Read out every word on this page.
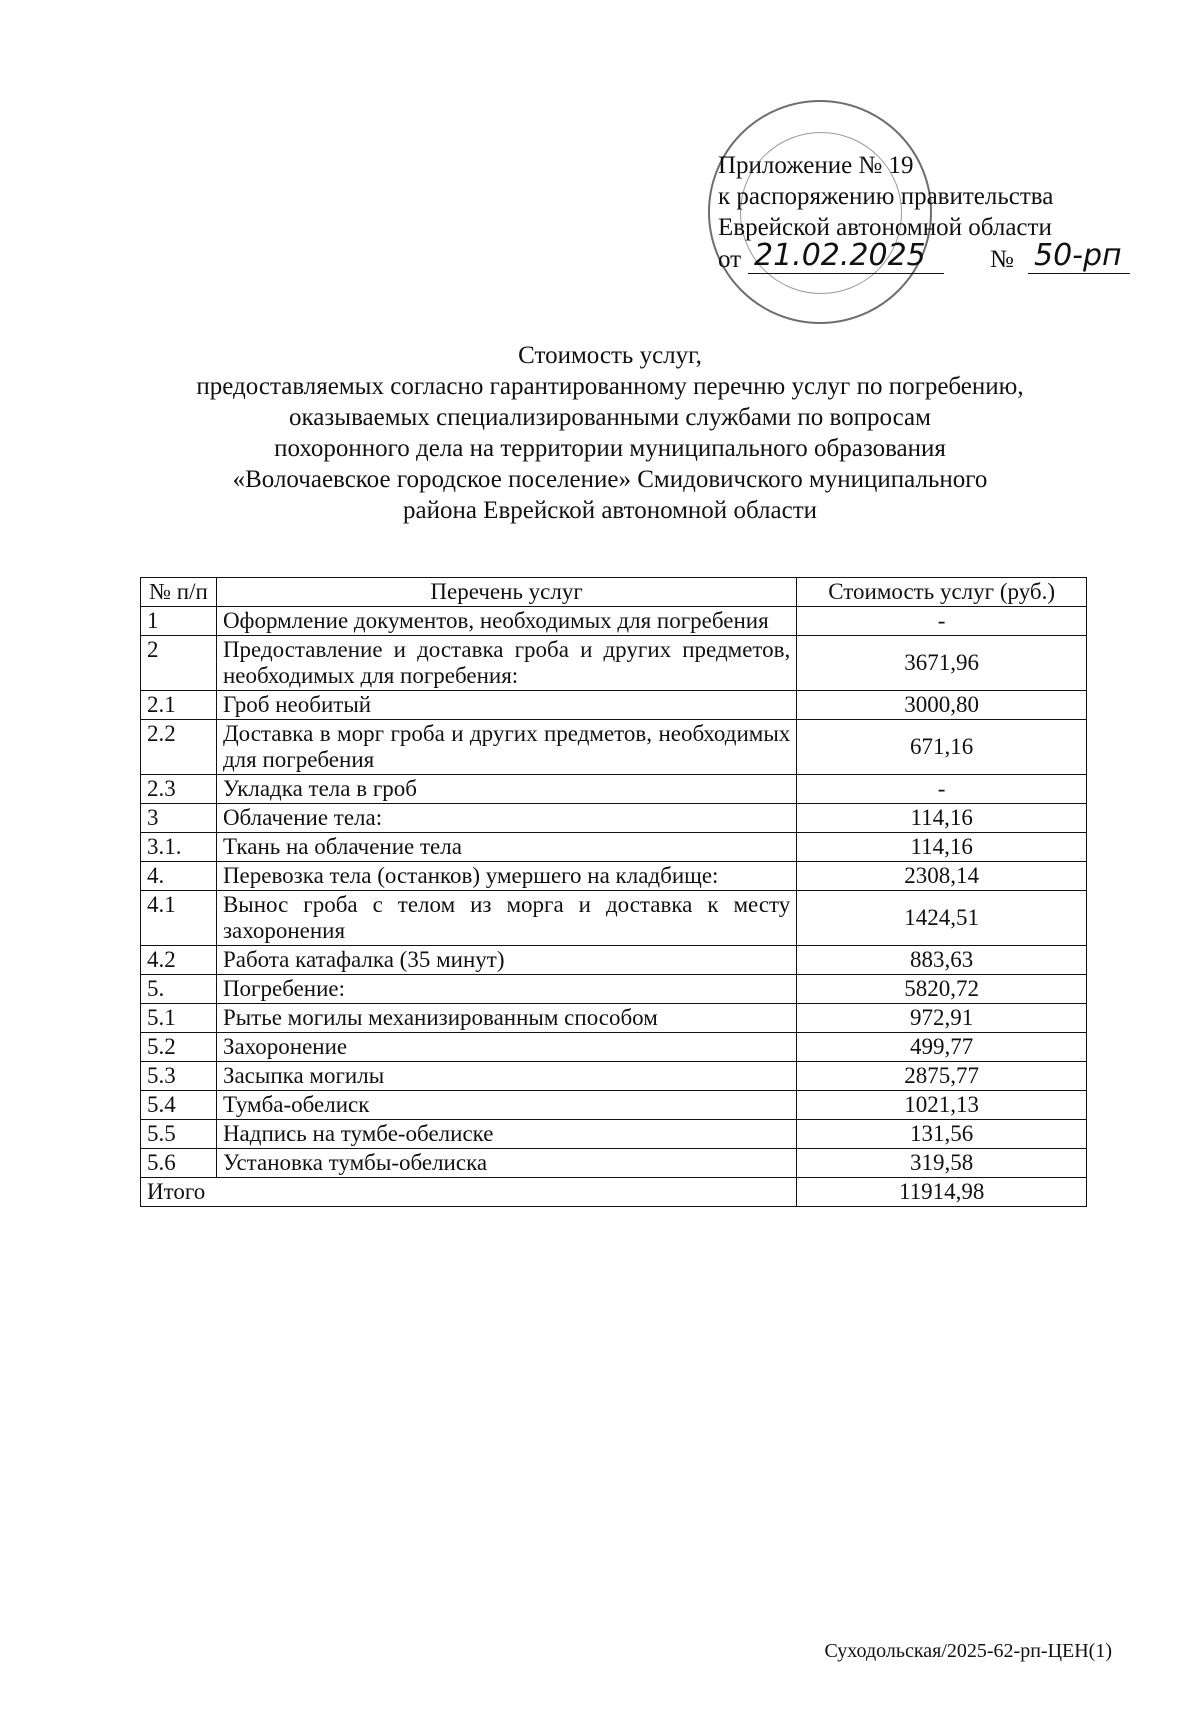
Приложение № 19
к распоряжению правительства
Еврейской автономной области
от 21.02.2025	№ 50-рп
Стоимость услуг,
предоставляемых согласно гарантированному перечню услуг по погребению,
оказываемых специализированными службами по вопросам
похоронного дела на территории муниципального образования
«Волочаевское городское поселение» Смидовичского муниципального
района Еврейской автономной области
№ п/п	Перечень услуг	Стоимость услуг (руб.)
1	Оформление документов, необходимых для погребения	-
2	Предоставление и доставка гроба и других предметов, необходимых для погребения:	3671,96
2.1	Гроб необитый	3000,80
2.2	Доставка в морг гроба и других предметов, необходимых для погребения	671,16
2.3	Укладка тела в гроб	-
3	Облачение тела:	114,16
3.1.	Ткань на облачение тела	114,16
4.	Перевозка тела (останков) умершего на кладбище:	2308,14
4.1	Вынос гроба с телом из морга и доставка к месту захоронения	1424,51
4.2	Работа катафалка (35 минут)	883,63
5.	Погребение:	5820,72
5.1	Рытье могилы механизированным способом	972,91
5.2	Захоронение	499,77
5.3	Засыпка могилы	2875,77
5.4	Тумба-обелиск	1021,13
5.5	Надпись на тумбе-обелиске	131,56
5.6	Установка тумбы-обелиска	319,58
Итого		11914,98
Суходольская/2025-62-рп-ЦЕН(1)
